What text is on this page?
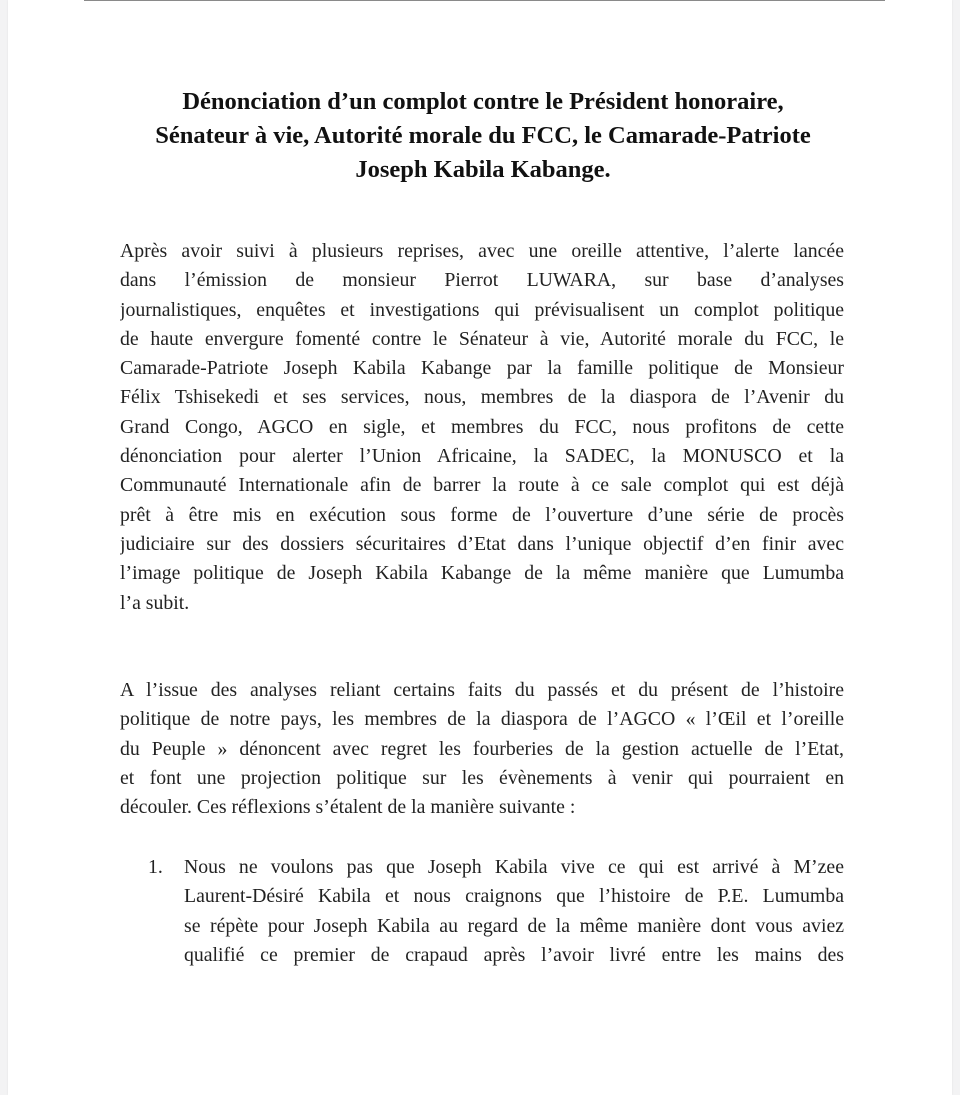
Dénonciation d’un complot contre le Président honoraire,
Sénateur à vie, Autorité morale du FCC, le Camarade-Patriote
Joseph Kabila Kabange.

Après avoir suivi à plusieurs reprises, avec une oreille attentive, l’alerte lancée
dans l’émission de monsieur Pierrot LUWARA, sur base d’analyses
journalistiques, enquêtes et investigations qui prévisualisent un complot politique
de haute envergure fomenté contre le Sénateur à vie, Autorité morale du FCC, le
Camarade-Patriote Joseph Kabila Kabange par la famille politique de Monsieur
Félix Tshisekedi et ses services, nous, membres de la diaspora de l’Avenir du
Grand Congo, AGCO en sigle, et membres du FCC, nous profitons de cette
dénonciation pour alerter l’Union Africaine, la SADEC, la MONUSCO et la
Communauté Internationale afin de barrer la route à ce sale complot qui est déjà
prêt à être mis en exécution sous forme de l’ouverture d’une série de procès
judiciaire sur des dossiers sécuritaires d’Etat dans l’unique objectif d’en finir avec
l’image politique de Joseph Kabila Kabange de la même manière que Lumumba
l’a subit.

A l’issue des analyses reliant certains faits du passés et du présent de l’histoire
politique de notre pays, les membres de la diaspora de l’AGCO « l’Œil et l’oreille
du Peuple » dénoncent avec regret les fourberies de la gestion actuelle de l’Etat,
et font une projection politique sur les évènements à venir qui pourraient en
découler. Ces réflexions s’étalent de la manière suivante :

1.	Nous ne voulons pas que Joseph Kabila vive ce qui est arrivé à M’zee
Laurent-Désiré Kabila et nous craignons que l’histoire de P.E. Lumumba
se répète pour Joseph Kabila au regard de la même manière dont vous aviez
qualifié ce premier de crapaud après l’avoir livré entre les mains des
